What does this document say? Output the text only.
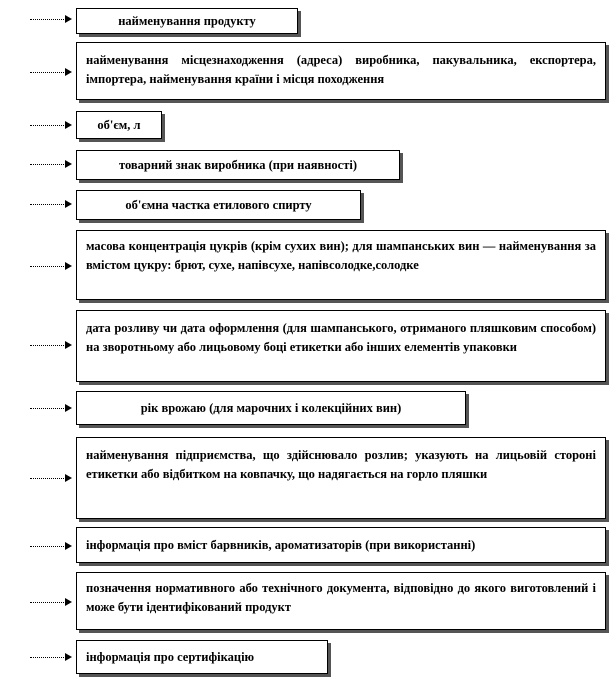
найменування продукту
найменування місцезнаходження (адреса) виробника, пакувальника, експортера, імпортера, найменування країни і місця походження
об'єм, л
товарний знак виробника (при наявності)
об'ємна частка етилового спирту
масова концентрація цукрів (крім сухих вин); для шампанських вин — найменування за вмістом цукру: брют, сухе, напівсухе, напівсолодке,солодке
дата розливу чи дата оформлення (для шампанського, отриманого пляшковим способом) на зворотньому або лицьовому боці етикетки або інших елементів упаковки
рік врожаю (для марочних і колекційних вин)
найменування підприємства, що здійснювало розлив; указують на лицьовій стороні етикетки або відбитком на ковпачку, що надягається на горло пляшки
інформація про вміст барвників, ароматизаторів (при використанні)
позначення нормативного або технічного документа, відповідно до якого виготовлений і може бути ідентифікований продукт
інформація про сертифікацію
